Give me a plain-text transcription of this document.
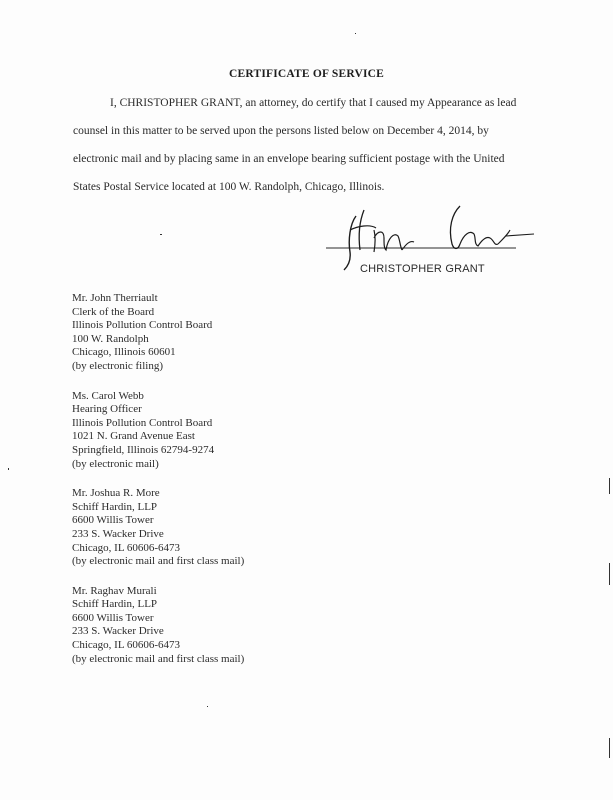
CERTIFICATE OF SERVICE
I, CHRISTOPHER GRANT, an attorney, do certify that I caused my Appearance as lead
counsel in this matter to be served upon the persons listed below on December 4, 2014, by
electronic mail and by placing same in an envelope bearing sufficient postage with the United
States Postal Service located at 100 W. Randolph, Chicago, Illinois.
CHRISTOPHER GRANT
Mr. John Therriault
Clerk of the Board
Illinois Pollution Control Board
100 W. Randolph
Chicago, Illinois 60601
(by electronic filing)
Ms. Carol Webb
Hearing Officer
Illinois Pollution Control Board
1021 N. Grand Avenue East
Springfield, Illinois 62794-9274
(by electronic mail)
Mr. Joshua R. More
Schiff Hardin, LLP
6600 Willis Tower
233 S. Wacker Drive
Chicago, IL 60606-6473
(by electronic mail and first class mail)
Mr. Raghav Murali
Schiff Hardin, LLP
6600 Willis Tower
233 S. Wacker Drive
Chicago, IL 60606-6473
(by electronic mail and first class mail)
